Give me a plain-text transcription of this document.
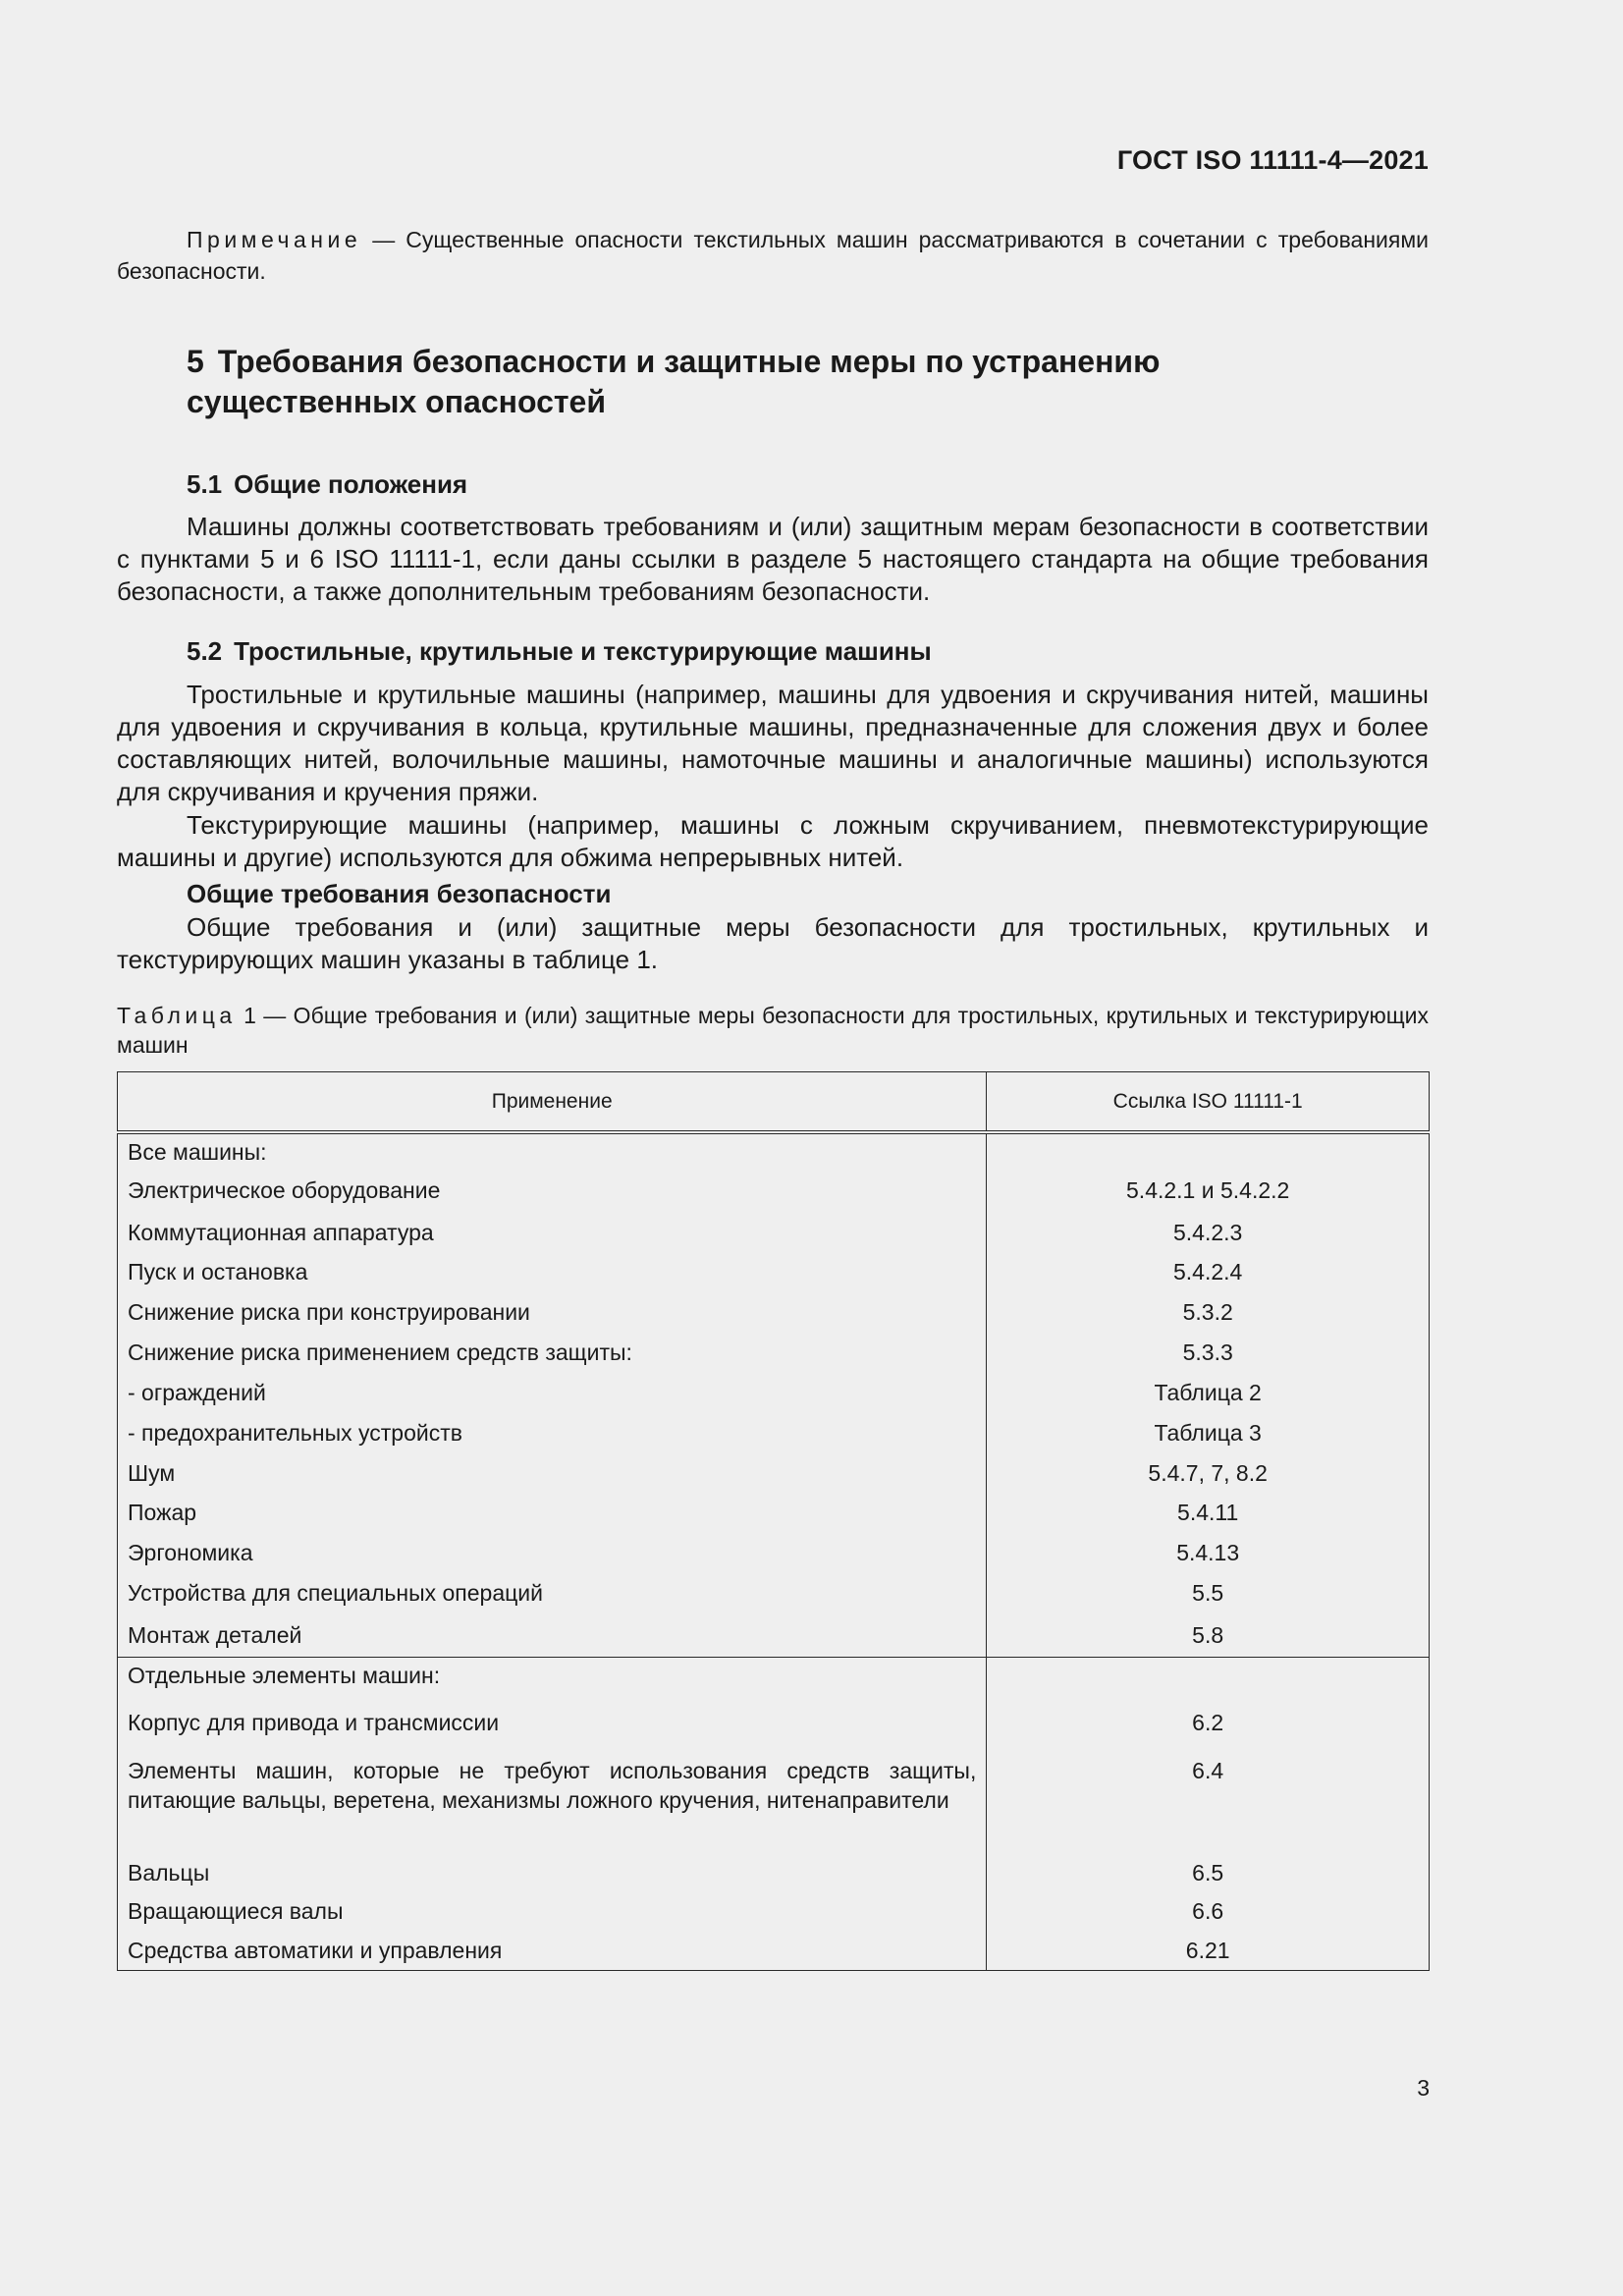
ГОСТ ISO 11111-4—2021

Примечание — Существенные опасности текстильных машин рассматриваются в сочетании с требованиями безопасности.

5 Требования безопасности и защитные меры по устранению существенных опасностей
5.1 Общие положения

Машины должны соответствовать требованиям и (или) защитным мерам безопасности в соответствии с пунктами 5 и 6 ISO 11111-1, если даны ссылки в разделе 5 настоящего стандарта на общие требования безопасности, а также дополнительным требованиям безопасности.

5.2 Тростильные, крутильные и текстурирующие машины

Тростильные и крутильные машины (например, машины для удвоения и скручивания нитей, машины для удвоения и скручивания в кольца, крутильные машины, предназначенные для сложения двух и более составляющих нитей, волочильные машины, намоточные машины и аналогичные машины) используются для скручивания и кручения пряжи.

Текстурирующие машины (например, машины с ложным скручиванием, пневмотекстурирующие машины и другие) используются для обжима непрерывных нитей.

Общие требования безопасности

Общие требования и (или) защитные меры безопасности для тростильных, крутильных и текстурирующих машин указаны в таблице 1.

Таблица 1 — Общие требования и (или) защитные меры безопасности для тростильных, крутильных и текстурирующих машин

Применение	Ссылка ISO 11111-1
Все машины:	
Электрическое оборудование	5.4.2.1 и 5.4.2.2
Коммутационная аппаратура	5.4.2.3
Пуск и остановка	5.4.2.4
Снижение риска при конструировании	5.3.2
Снижение риска применением средств защиты:	5.3.3
- ограждений	Таблица 2
- предохранительных устройств	Таблица 3
Шум	5.4.7, 7, 8.2
Пожар	5.4.11
Эргономика	5.4.13
Устройства для специальных операций	5.5
Монтаж деталей	5.8
Отдельные элементы машин:	
Корпус для привода и трансмиссии	6.2
Элементы машин, которые не требуют использования средств защиты, питающие вальцы, веретена, механизмы ложного кручения, нитенаправители	6.4
Вальцы	6.5
Вращающиеся валы	6.6
Средства автоматики и управления	6.21
3
